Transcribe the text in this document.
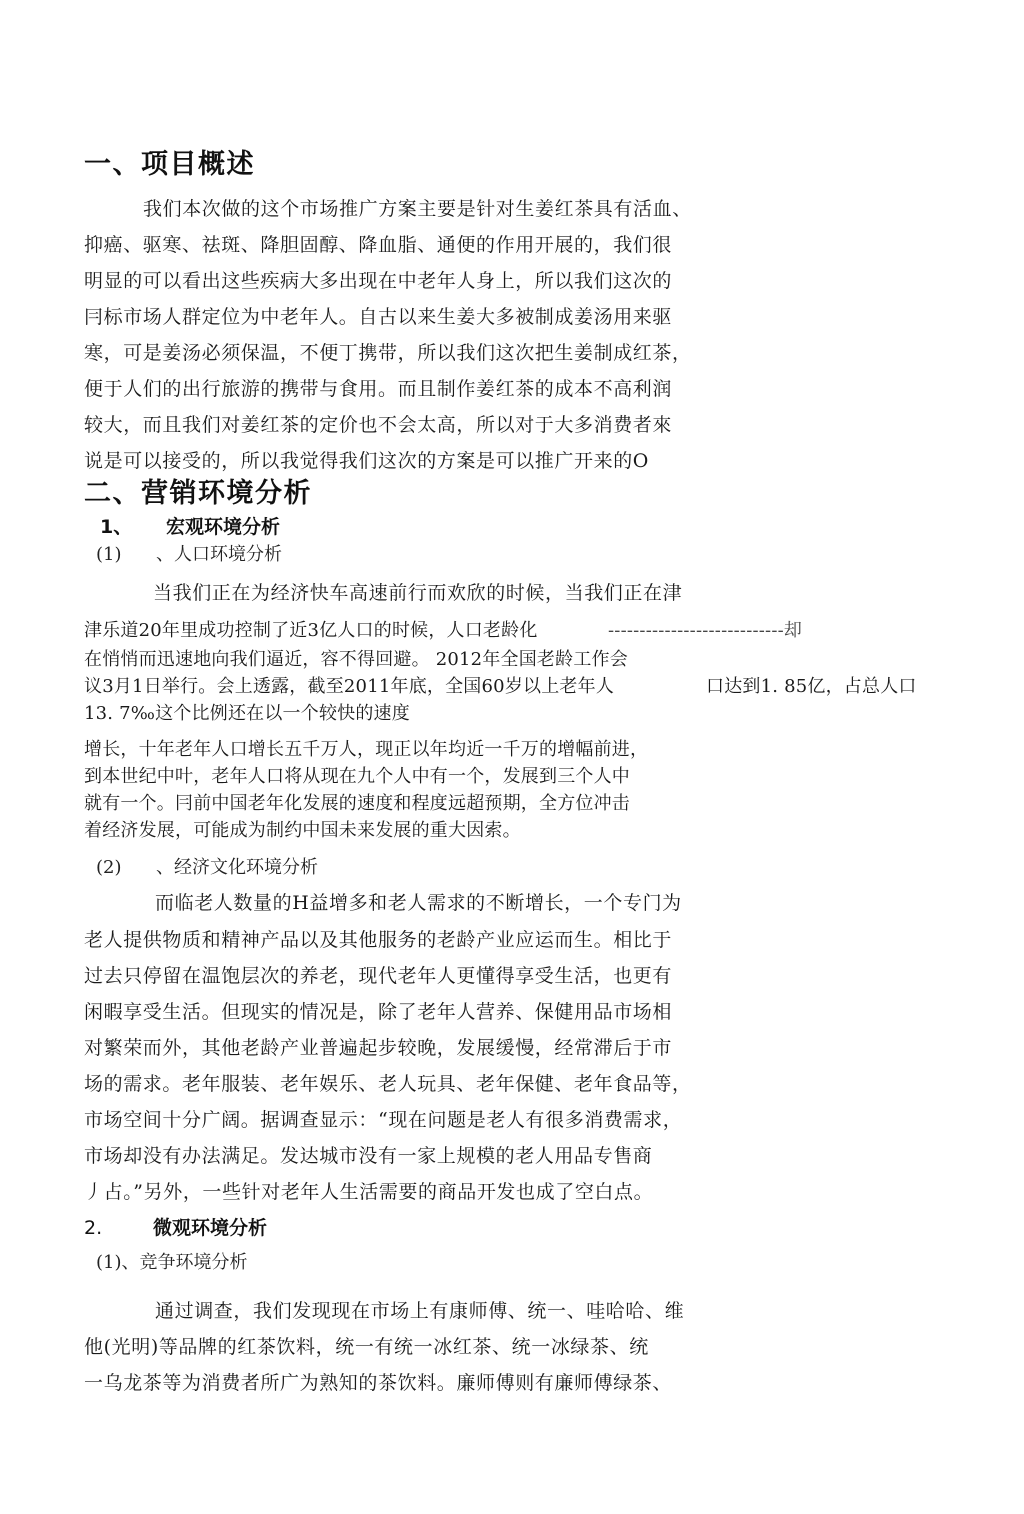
一、项目概述
我们本次做的这个市场推广方案主要是针对生姜红茶具有活血、
抑癌、驱寒、祛斑、降胆固醇、降血脂、通便的作用开展的，我们很
明显的可以看出这些疾病大多出现在中老年人身上，所以我们这次的
冃标市场人群定位为中老年人。自古以来生姜大多被制成姜汤用来驱
寒，可是姜汤必须保温，不便丁携带，所以我们这次把生姜制成红茶，
便于人们的出行旅游的携带与食用。而且制作姜红茶的成本不高利润
较大，而且我们对姜红茶的定价也不会太高，所以对于大多消费者來
说是可以接受的，所以我觉得我们这次的方案是可以推广开来的O
二、营销环境分析
1、 宏观环境分析
(1) 、人口环境分析
当我们正在为经济快车高速前行而欢欣的时候，当我们正在津
津乐道20年里成功控制了近3亿人口的时候，人口老龄化	----------------------------却
在悄悄而迅速地向我们逼近，容不得回避。 2012年全国老龄工作会
议3月1日举行。会上透露，截至2011年底，全国60岁以上老年人	口达到1. 85亿，占总人口
13. 7‰这个比例还在以一个较快的速度
增长，十年老年人口增长五千万人，现正以年均近一千万的增幅前进，
到本世纪中叶，老年人口将从现在九个人中有一个，发展到三个人中
就有一个。冃前中国老年化发展的速度和程度远超预期，全方位冲击
着经济发展，可能成为制约中国未来发展的重大因索。
(2) 、经济文化环境分析
而临老人数量的H益增多和老人需求的不断增长，一个专门为
老人提供物质和精神产品以及其他服务的老龄产业应运而生。相比于
过去只停留在温饱层次的养老，现代老年人更懂得享受生活，也更有
闲暇享受生活。但现实的情况是，除了老年人营养、保健用品市场相
对繁荣而外，其他老龄产业普遍起步较晚，发展缓慢，经常滞后于市
场的需求。老年服装、老年娱乐、老人玩具、老年保健、老年食品等，
市场空间十分广阔。据调查显示：“现在问题是老人有很多消费需求，
市场却没有办法满足。发达城市没有一家上规模的老人用品专售商
丿占。”另外，一些针对老年人生活需要的商品开发也成了空白点。
2.	微观环境分析
(1)、竞争环境分析
通过调查，我们发现现在市场上有康师傅、统一、哇哈哈、维
他(光明)等品牌的红茶饮料，统一有统一冰红茶、统一冰绿茶、统
一乌龙茶等为消费者所广为熟知的茶饮料。廉师傅则有廉师傅绿茶、
